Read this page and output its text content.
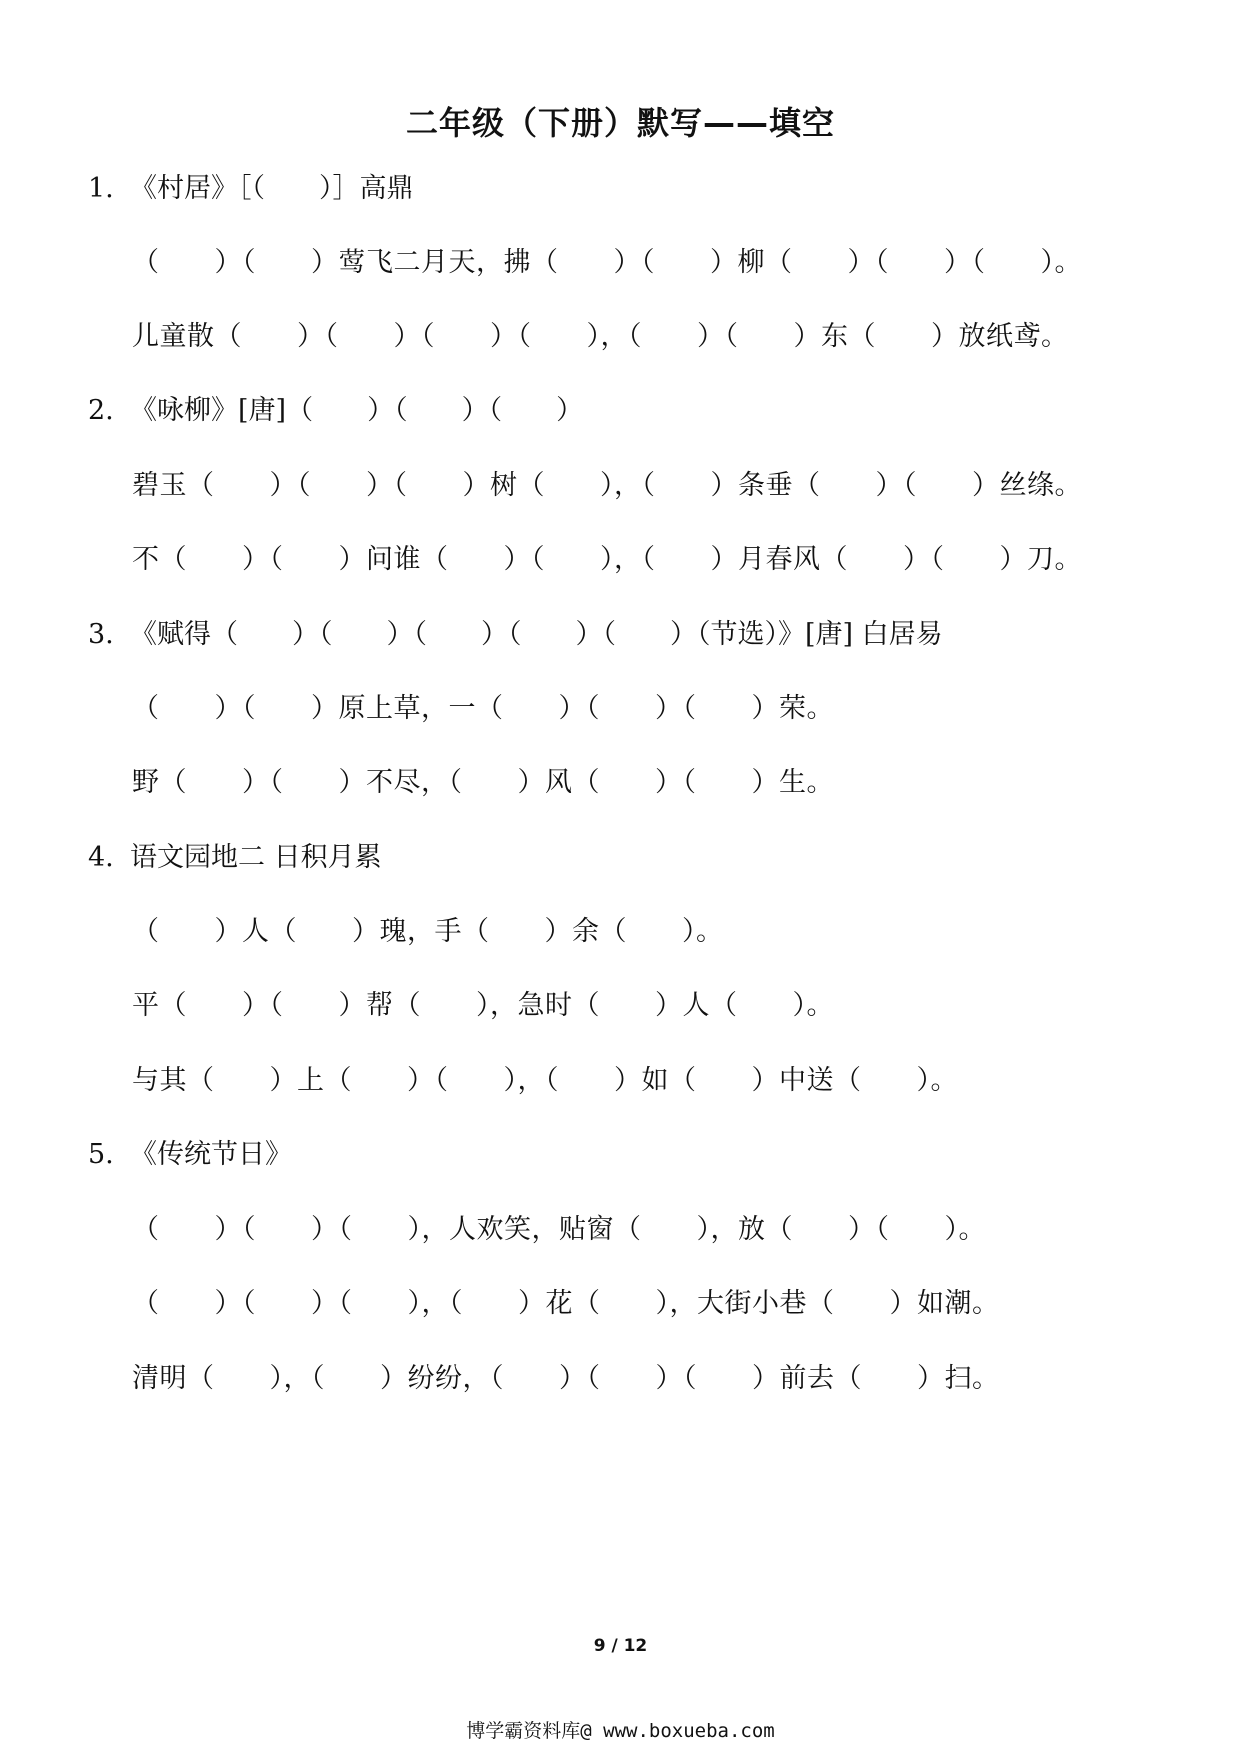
二年级（下册）默写——填空
1. 《村居》［（　　）］高鼎
（　　）（　　）莺飞二月天，拂（　　）（　　）柳（　　）（　　）（　　）。
儿童散（　　）（　　）（　　）（　　），（　　）（　　）东（　　）放纸鸢。
2. 《咏柳》[唐]（　　）（　　）（　　）
碧玉（　　）（　　）（　　）树（　　），（　　）条垂（　　）（　　）丝绦。
不（　　）（　　）问谁（　　）（　　），（　　）月春风（　　）（　　）刀。
3. 《赋得（　　）（　　）（　　）（　　）（　　）（节选）》[唐] 白居易
（　　）（　　）原上草，一（　　）（　　）（　　）荣。
野（　　）（　　）不尽，（　　）风（　　）（　　）生。
4. 语文园地二 日积月累
（　　）人（　　）瑰，手（　　）余（　　）。
平（　　）（　　）帮（　　），急时（　　）人（　　）。
与其（　　）上（　　）（　　），（　　）如（　　）中送（　　）。
5. 《传统节日》
（　　）（　　）（　　），人欢笑，贴窗（　　），放（　　）（　　）。
（　　）（　　）（　　），（　　）花（　　），大街小巷（　　）如潮。
清明（　　），（　　）纷纷，（　　）（　　）（　　）前去（　　）扫。
9 / 12
博学霸资料库@ www.boxueba.com
